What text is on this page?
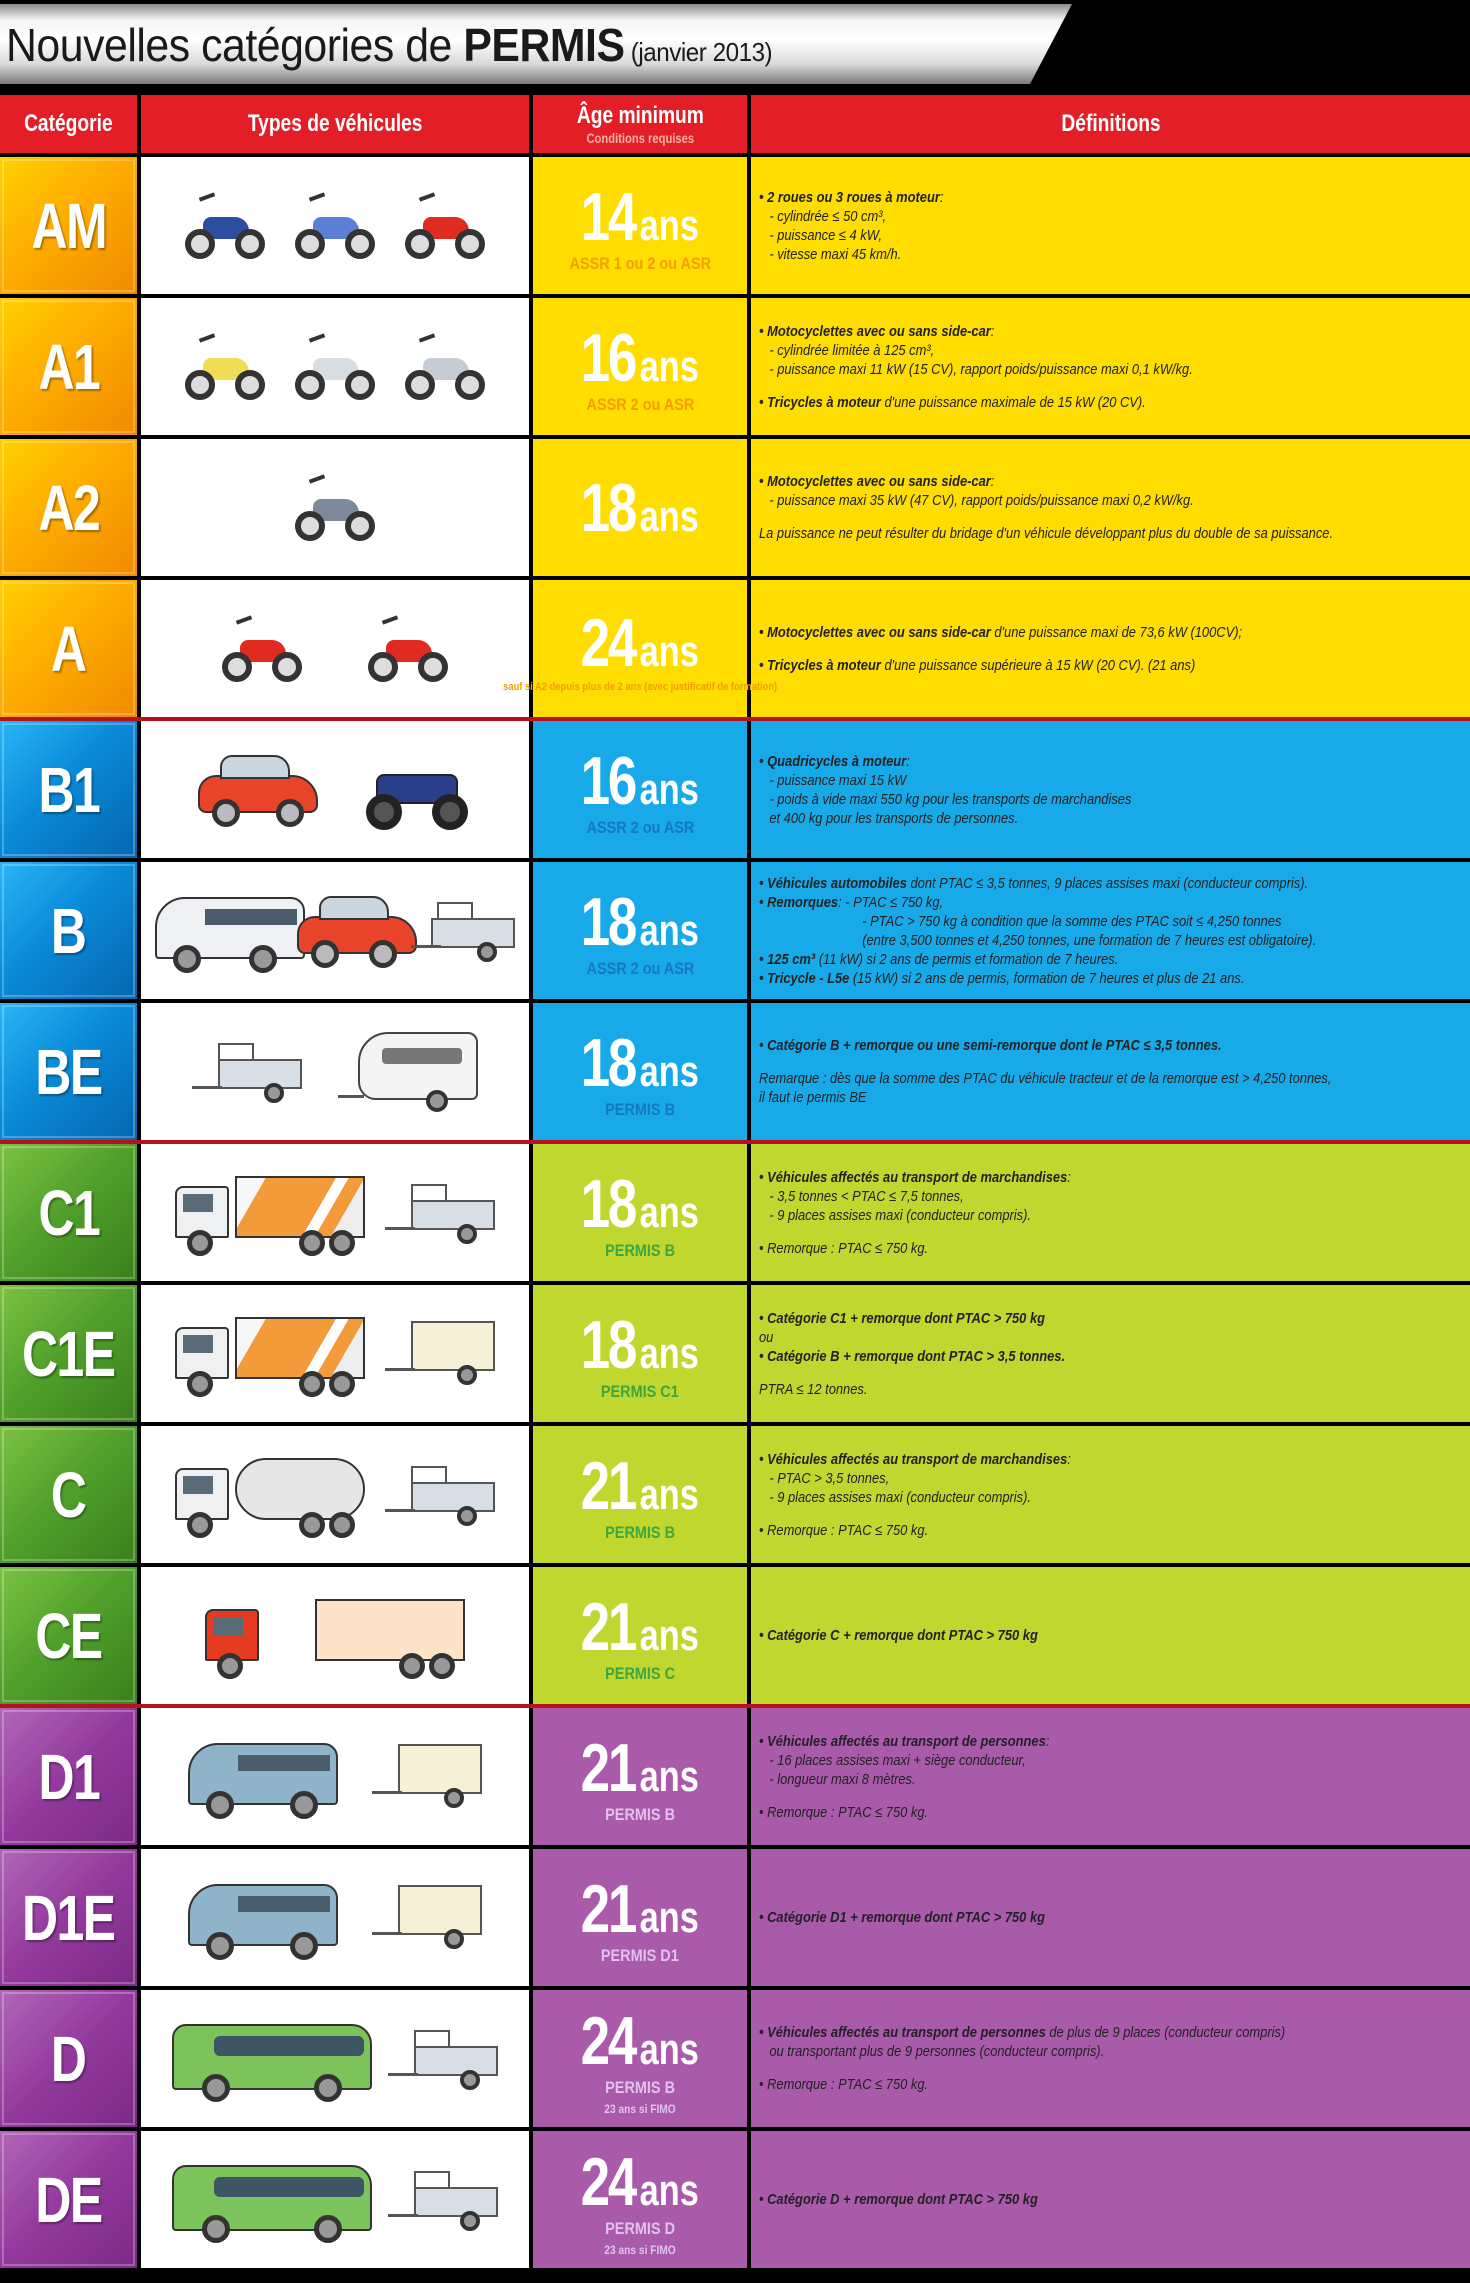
Nouvelles catégories de PERMIS (janvier 2013)
Catégorie	Types de véhicules	Âge minimum
Conditions requises
Définitions
AM	14 ans
ASSR 1 ou 2 ou ASR
• 2 roues ou 3 roues à moteur:
- cylindrée ≤ 50 cm³,
- puissance ≤ 4 kW,
- vitesse maxi 45 km/h.
A1	16 ans
ASSR 2 ou ASR
• Motocyclettes avec ou sans side-car:
- cylindrée limitée à 125 cm³,
- puissance maxi 11 kW (15 CV), rapport poids/puissance maxi 0,1 kW/kg.
• Tricycles à moteur d'une puissance maximale de 15 kW (20 CV).
A2	18 ans
• Motocyclettes avec ou sans side-car:
- puissance maxi 35 kW (47 CV), rapport poids/puissance maxi 0,2 kW/kg.
La puissance ne peut résulter du bridage d'un véhicule développant plus du double de sa puissance.
A	24 ans
sauf si A2 depuis plus de 2 ans (avec justificatif de formation)
• Motocyclettes avec ou sans side-car d'une puissance maxi de 73,6 kW (100CV);
• Tricycles à moteur d'une puissance supérieure à 15 kW (20 CV). (21 ans)
B1	16 ans
ASSR 2 ou ASR
• Quadricycles à moteur:
- puissance maxi 15 kW
- poids à vide maxi 550 kg pour les transports de marchandises
et 400 kg pour les transports de personnes.
B	18 ans
ASSR 2 ou ASR
• Véhicules automobiles dont PTAC ≤ 3,5 tonnes, 9 places assises maxi (conducteur compris).
• Remorques: - PTAC ≤ 750 kg,
- PTAC > 750 kg à condition que la somme des PTAC soit ≤ 4,250 tonnes
(entre 3,500 tonnes et 4,250 tonnes, une formation de 7 heures est obligatoire).
• 125 cm³ (11 kW) si 2 ans de permis et formation de 7 heures.
• Tricycle - L5e (15 kW) si 2 ans de permis, formation de 7 heures et plus de 21 ans.
BE	18 ans
PERMIS B
• Catégorie B + remorque ou une semi-remorque dont le PTAC ≤ 3,5 tonnes.
Remarque : dès que la somme des PTAC du véhicule tracteur et de la remorque est > 4,250 tonnes,
il faut le permis BE
C1	18 ans
PERMIS B
• Véhicules affectés au transport de marchandises:
- 3,5 tonnes < PTAC ≤ 7,5 tonnes,
- 9 places assises maxi (conducteur compris).
• Remorque : PTAC ≤ 750 kg.
C1E	18 ans
PERMIS C1
• Catégorie C1 + remorque dont PTAC > 750 kg
ou
• Catégorie B + remorque dont PTAC > 3,5 tonnes.
PTRA ≤ 12 tonnes.
C	21 ans
PERMIS B
• Véhicules affectés au transport de marchandises:
- PTAC > 3,5 tonnes,
- 9 places assises maxi (conducteur compris).
• Remorque : PTAC ≤ 750 kg.
CE	21 ans
PERMIS C
• Catégorie C + remorque dont PTAC > 750 kg
D1	21 ans
PERMIS B
• Véhicules affectés au transport de personnes:
- 16 places assises maxi + siège conducteur,
- longueur maxi 8 mètres.
• Remorque : PTAC ≤ 750 kg.
D1E	21 ans
PERMIS D1
• Catégorie D1 + remorque dont PTAC > 750 kg
D	24 ans
PERMIS B
23 ans si FIMO
• Véhicules affectés au transport de personnes de plus de 9 places (conducteur compris)
ou transportant plus de 9 personnes (conducteur compris).
• Remorque : PTAC ≤ 750 kg.
DE	24 ans
PERMIS D
23 ans si FIMO
• Catégorie D + remorque dont PTAC > 750 kg
